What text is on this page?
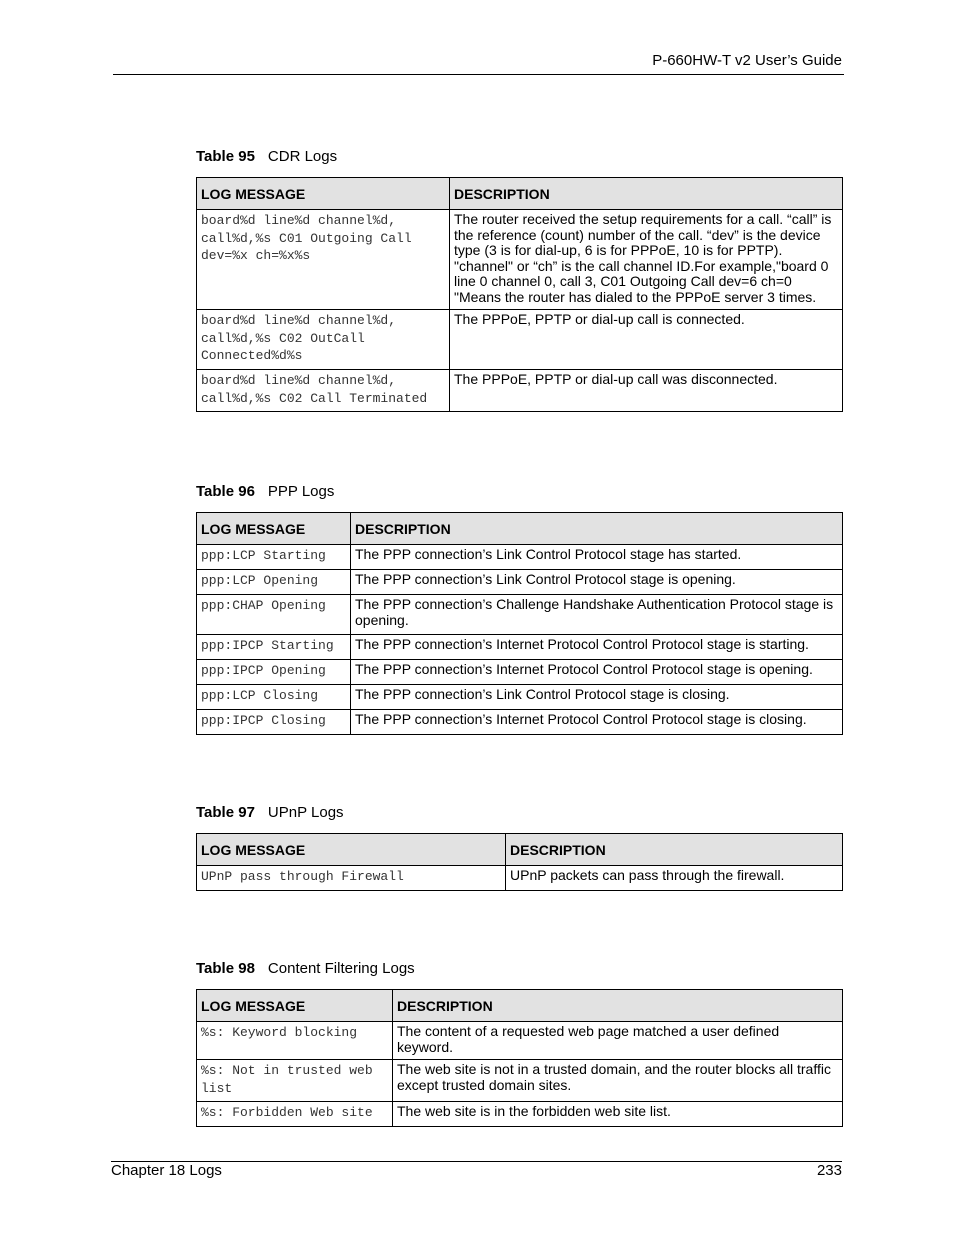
P-660HW-T v2 User’s Guide
Table 95 CDR Logs
LOG MESSAGE	DESCRIPTION
board%d line%d channel%d, call%d,%s C01 Outgoing Call dev=%x ch=%x%s	The router received the setup requirements for a call. “call” is the reference (count) number of the call. “dev” is the device type (3 is for dial-up, 6 is for PPPoE, 10 is for PPTP). "channel" or “ch” is the call channel ID.For example,"board 0 line 0 channel 0, call 3, C01 Outgoing Call dev=6 ch=0 "Means the router has dialed to the PPPoE server 3 times.
board%d line%d channel%d, call%d,%s C02 OutCall Connected%d%s	The PPPoE, PPTP or dial-up call is connected.
board%d line%d channel%d, call%d,%s C02 Call Terminated	The PPPoE, PPTP or dial-up call was disconnected.
Table 96 PPP Logs
LOG MESSAGE	DESCRIPTION
ppp:LCP Starting	The PPP connection’s Link Control Protocol stage has started.
ppp:LCP Opening	The PPP connection’s Link Control Protocol stage is opening.
ppp:CHAP Opening	The PPP connection’s Challenge Handshake Authentication Protocol stage is opening.
ppp:IPCP Starting	The PPP connection’s Internet Protocol Control Protocol stage is starting.
ppp:IPCP Opening	The PPP connection’s Internet Protocol Control Protocol stage is opening.
ppp:LCP Closing	The PPP connection’s Link Control Protocol stage is closing.
ppp:IPCP Closing	The PPP connection’s Internet Protocol Control Protocol stage is closing.
Table 97 UPnP Logs
LOG MESSAGE	DESCRIPTION
UPnP pass through Firewall	UPnP packets can pass through the firewall.
Table 98 Content Filtering Logs
LOG MESSAGE	DESCRIPTION
%s: Keyword blocking	The content of a requested web page matched a user defined keyword.
%s: Not in trusted web list	The web site is not in a trusted domain, and the router blocks all traffic except trusted domain sites.
%s: Forbidden Web site	The web site is in the forbidden web site list.
Chapter 18 Logs	233
